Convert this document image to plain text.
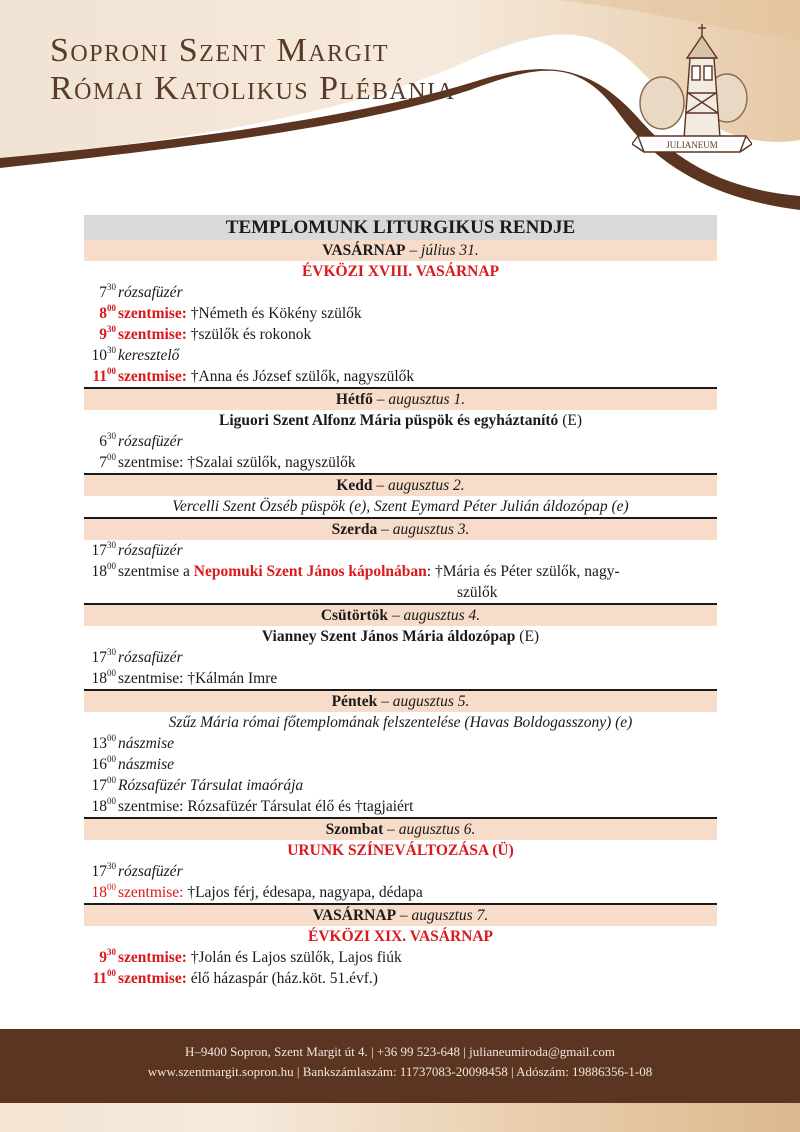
Soproni Szent Margit
Római Katolikus Plébánia
JULIANEUM
TEMPLOMUNK LITURGIKUS RENDJE
VASÁRNAP – július 31.
ÉVKÖZI XVIII. VASÁRNAP
$7^{30}$ rózsafüzér
$8^{00}$ szentmise: †Németh és Kökény szülők
$9^{30}$ szentmise: †szülők és rokonok
$10^{30}$ keresztelő
$11^{00}$ szentmise: †Anna és József szülők, nagyszülők
Hétfő – augusztus 1.
Liguori Szent Alfonz Mária püspök és egyháztanító (E)
$6^{30}$ rózsafüzér
$7^{00}$ szentmise: †Szalai szülők, nagyszülők
Kedd – augusztus 2.
Vercelli Szent Özséb püspök (e), Szent Eymard Péter Julián áldozópap (e)
Szerda – augusztus 3.
$17^{30}$ rózsafüzér
$18^{00}$ szentmise a Nepomuki Szent János kápolnában: †Mária és Péter szülők, nagy-
szülők
Csütörtök – augusztus 4.
Vianney Szent János Mária áldozópap (E)
$17^{30}$ rózsafüzér
$18^{00}$ szentmise: †Kálmán Imre
Péntek – augusztus 5.
Szűz Mária római főtemplomának felszentelése (Havas Boldogasszony) (e)
$13^{00}$ nászmise
$16^{00}$ nászmise
$17^{00}$ Rózsafüzér Társulat imaórája
$18^{00}$ szentmise: Rózsafüzér Társulat élő és †tagjaiért
Szombat – augusztus 6.
URUNK SZÍNEVÁLTOZÁSA (Ü)
$17^{30}$ rózsafüzér
$18^{00}$ szentmise: †Lajos férj, édesapa, nagyapa, dédapa
VASÁRNAP – augusztus 7.
ÉVKÖZI XIX. VASÁRNAP
$9^{30}$ szentmise: †Jolán és Lajos szülők, Lajos fiúk
$11^{00}$ szentmise: élő házaspár (ház.köt. 51.évf.)
H–9400 Sopron, Szent Margit út 4. | +36 99 523-648 | julianeumiroda@gmail.com
www.szentmargit.sopron.hu | Bankszámlaszám: 11737083-20098458 | Adószám: 19886356-1-08
